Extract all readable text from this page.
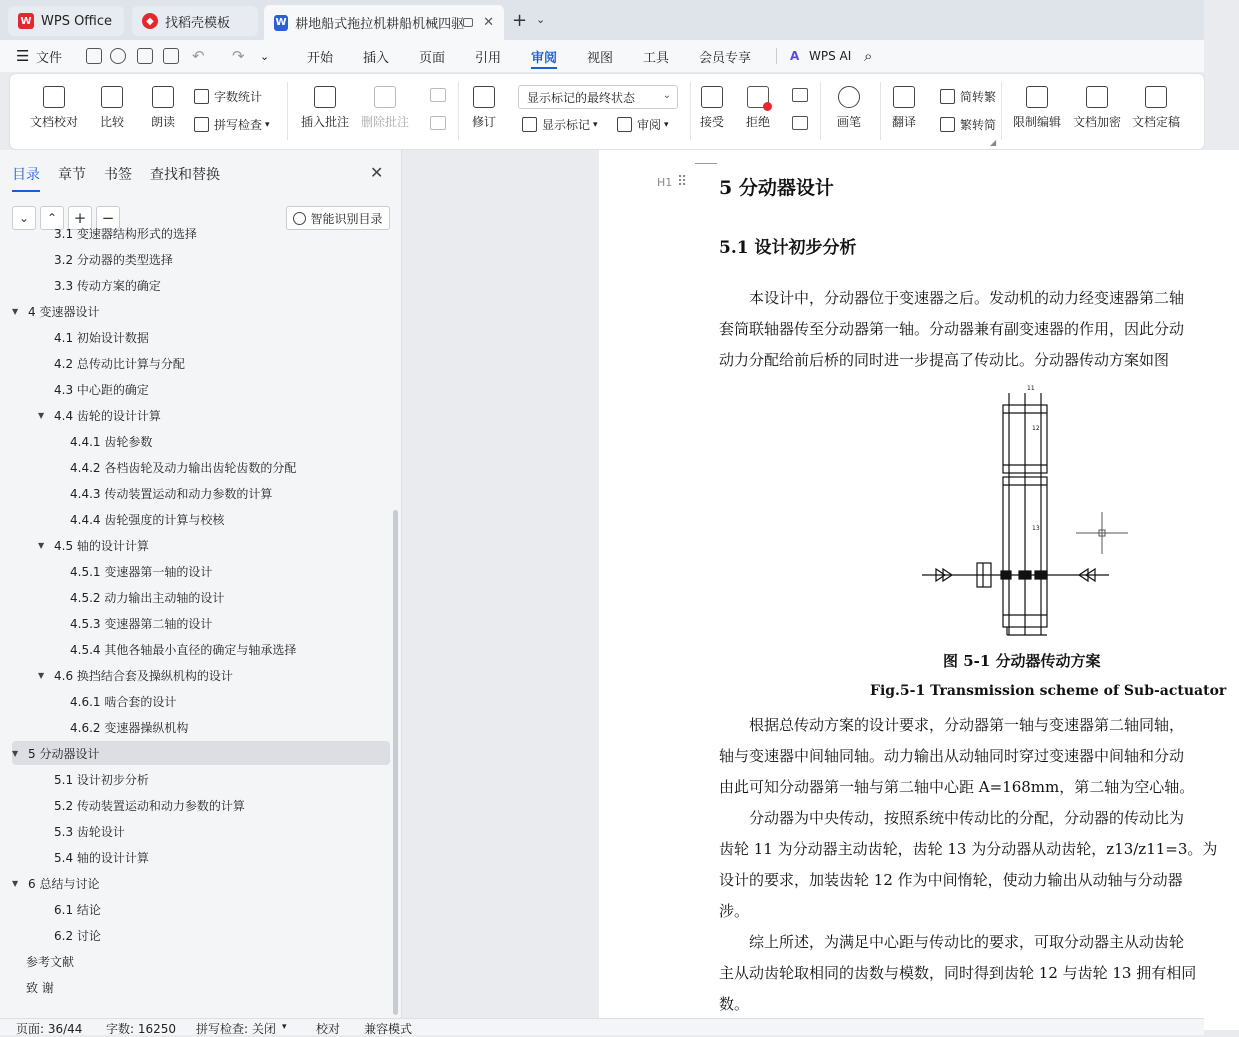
W WPS Office	◆ 找稻壳模板	W 耕地船式拖拉机耕船机械四驱 ✕ + ⌄
☰ 文件	↶ ↷ ⌄	开始 插入 页面 引用 审阅 视图 工具 会员专享	A WPS AI ⌕
文档校对 比较 朗读
字数统计
拼写检查 ▾	插入批注 删除批注	修订
显示标记的最终状态	⌄
显示标记 ▾	审阅 ▾	接受 拒绝	画笔	翻译
简转繁
繁转简
◢
限制编辑 文档加密 文档定稿
目录 章节 书签 查找和替换	✕
⌄ ⌃ + −	智能识别目录
3.1 变速器结构形式的选择
3.2 分动器的类型选择
3.3 传动方案的确定
▼ 4 变速器设计
4.1 初始设计数据
4.2 总传动比计算与分配
4.3 中心距的确定
▼ 4.4 齿轮的设计计算
4.4.1 齿轮参数
4.4.2 各档齿轮及动力输出齿轮齿数的分配
4.4.3 传动装置运动和动力参数的计算
4.4.4 齿轮强度的计算与校核
▼ 4.5 轴的设计计算
4.5.1 变速器第一轴的设计
4.5.2 动力输出主动轴的设计
4.5.3 变速器第二轴的设计
4.5.4 其他各轴最小直径的确定与轴承选择
▼ 4.6 换挡结合套及操纵机构的设计
4.6.1 啮合套的设计
4.6.2 变速器操纵机构
▼ 5 分动器设计
5.1 设计初步分析
5.2 传动装置运动和动力参数的计算
5.3 齿轮设计
5.4 轴的设计计算
▼ 6 总结与讨论
6.1 结论
6.2 讨论
参考文献
致 谢
H1 ⠿ 5 分动器设计
5.1 设计初步分析
　　本设计中，分动器位于变速器之后。发动机的动力经变速器第二轴
套筒联轴器传至分动器第一轴。分动器兼有副变速器的作用，因此分动
动力分配给前后桥的同时进一步提高了传动比。分动器传动方案如图
11
12
13
图 5-1 分动器传动方案
Fig.5-1 Transmission scheme of Sub-actuator
　　根据总传动方案的设计要求，分动器第一轴与变速器第二轴同轴，
轴与变速器中间轴同轴。动力输出从动轴同时穿过变速器中间轴和分动
由此可知分动器第一轴与第二轴中心距 A=168mm，第二轴为空心轴。
　　分动器为中央传动，按照系统中传动比的分配，分动器的传动比为
齿轮 11 为分动器主动齿轮，齿轮 13 为分动器从动齿轮，z13/z11=3。为
设计的要求，加装齿轮 12 作为中间惰轮，使动力输出从动轴与分动器
涉。
　　综上所述，为满足中心距与传动比的要求，可取分动器主从动齿轮
主从动齿轮取相同的齿数与模数，同时得到齿轮 12 与齿轮 13 拥有相同
数。
页面: 36/44 字数: 16250 拼写检查: 关闭 ▾ 校对 兼容模式
